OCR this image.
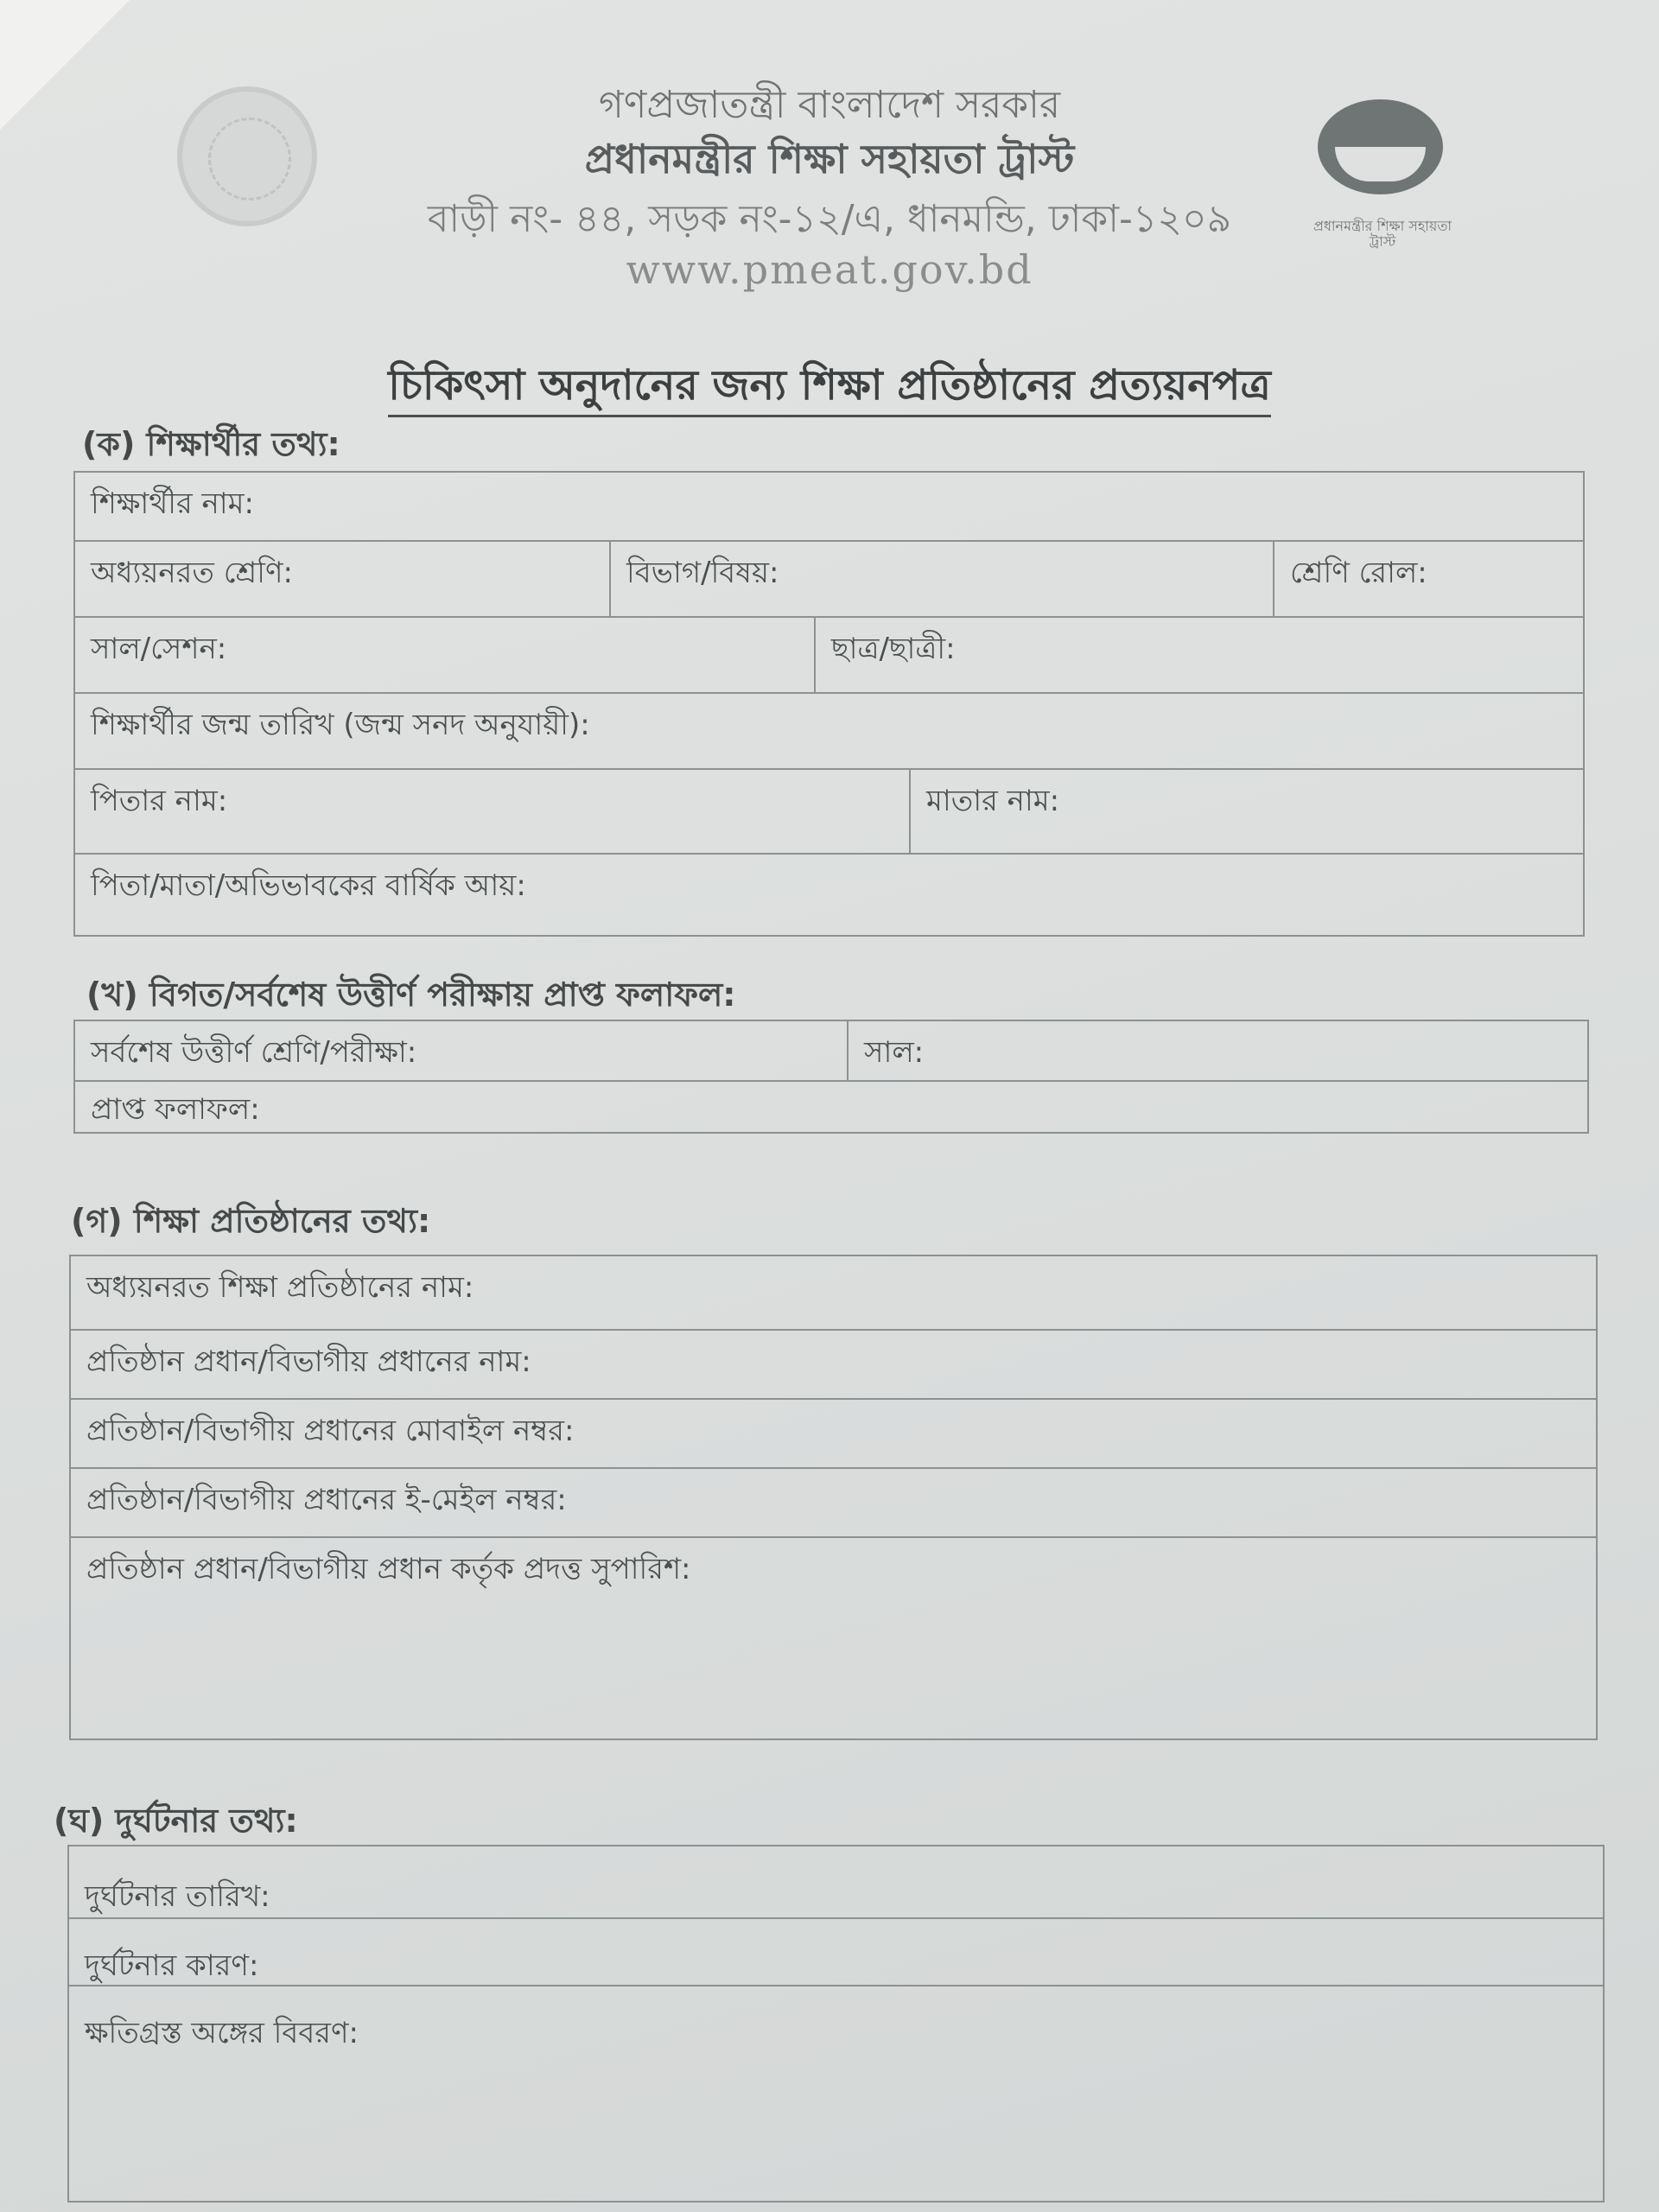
গণপ্রজাতন্ত্রী বাংলাদেশ সরকার
প্রধানমন্ত্রীর শিক্ষা সহায়তা ট্রাস্ট
বাড়ী নং- ৪৪, সড়ক নং-১২/এ, ধানমন্ডি, ঢাকা-১২০৯
www.pmeat.gov.bd
প্রধানমন্ত্রীর শিক্ষা সহায়তা ট্রাস্ট
চিকিৎসা অনুদানের জন্য শিক্ষা প্রতিষ্ঠানের প্রত্যয়নপত্র
(ক) শিক্ষার্থীর তথ্য:
শিক্ষার্থীর নাম:
অধ্যয়নরত শ্রেণি:	বিভাগ/বিষয়:	শ্রেণি রোল:
সাল/সেশন:	ছাত্র/ছাত্রী:
শিক্ষার্থীর জন্ম তারিখ (জন্ম সনদ অনুযায়ী):
পিতার নাম:	মাতার নাম:
পিতা/মাতা/অভিভাবকের বার্ষিক আয়:
(খ) বিগত/সর্বশেষ উত্তীর্ণ পরীক্ষায় প্রাপ্ত ফলাফল:
সর্বশেষ উত্তীর্ণ শ্রেণি/পরীক্ষা:	সাল:
প্রাপ্ত ফলাফল:
(গ) শিক্ষা প্রতিষ্ঠানের তথ্য:
অধ্যয়নরত শিক্ষা প্রতিষ্ঠানের নাম:
প্রতিষ্ঠান প্রধান/বিভাগীয় প্রধানের নাম:
প্রতিষ্ঠান/বিভাগীয় প্রধানের মোবাইল নম্বর:
প্রতিষ্ঠান/বিভাগীয় প্রধানের ই-মেইল নম্বর:
প্রতিষ্ঠান প্রধান/বিভাগীয় প্রধান কর্তৃক প্রদত্ত সুপারিশ:
(ঘ) দুর্ঘটনার তথ্য:
দুর্ঘটনার তারিখ:
দুর্ঘটনার কারণ:
ক্ষতিগ্রস্ত অঙ্গের বিবরণ:
